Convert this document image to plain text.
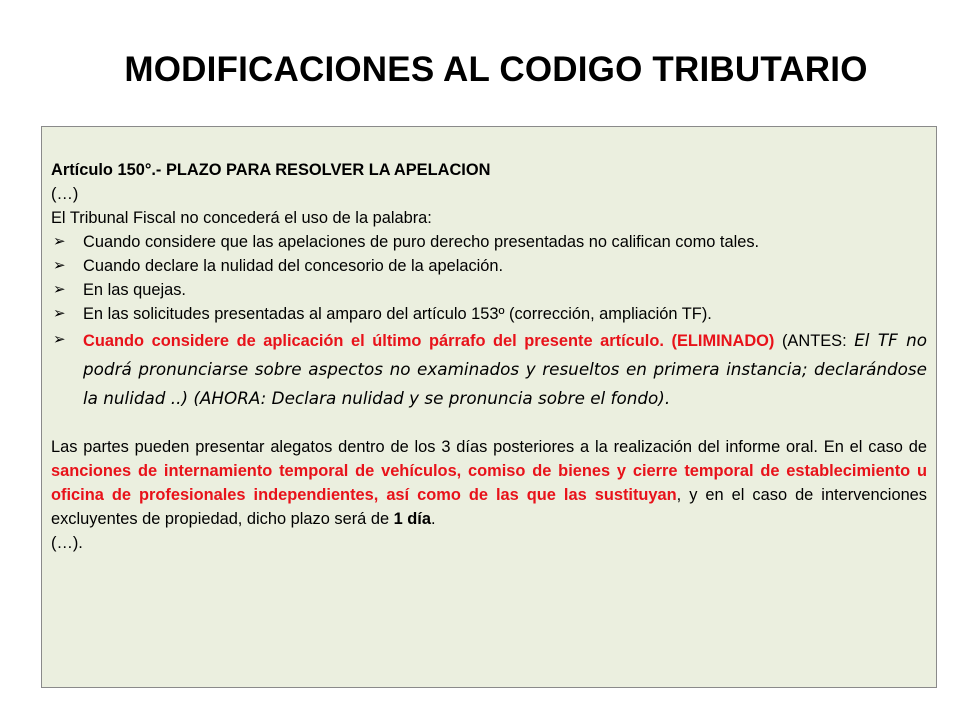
MODIFICACIONES AL CODIGO TRIBUTARIO

Artículo 150°.- PLAZO PARA RESOLVER LA APELACION

(…)

El Tribunal Fiscal no concederá el uso de la palabra:

➢ Cuando considere que las apelaciones de puro derecho presentadas no califican como tales.
➢ Cuando declare la nulidad del concesorio de la apelación.
➢ En las quejas.
➢ En las solicitudes presentadas al amparo del artículo 153º (corrección, ampliación TF).
➢ Cuando considere de aplicación el último párrafo del presente artículo. (ELIMINADO) (ANTES: El TF no podrá pronunciarse sobre aspectos no examinados y resueltos en primera instancia; declarándose la nulidad ..) (AHORA: Declara nulidad y se pronuncia sobre el fondo).

Las partes pueden presentar alegatos dentro de los 3 días posteriores a la realización del informe oral. En el caso de sanciones de internamiento temporal de vehículos, comiso de bienes y cierre temporal de establecimiento u oficina de profesionales independientes, así como de las que las sustituyan, y en el caso de intervenciones excluyentes de propiedad, dicho plazo será de 1 día.

(…).
